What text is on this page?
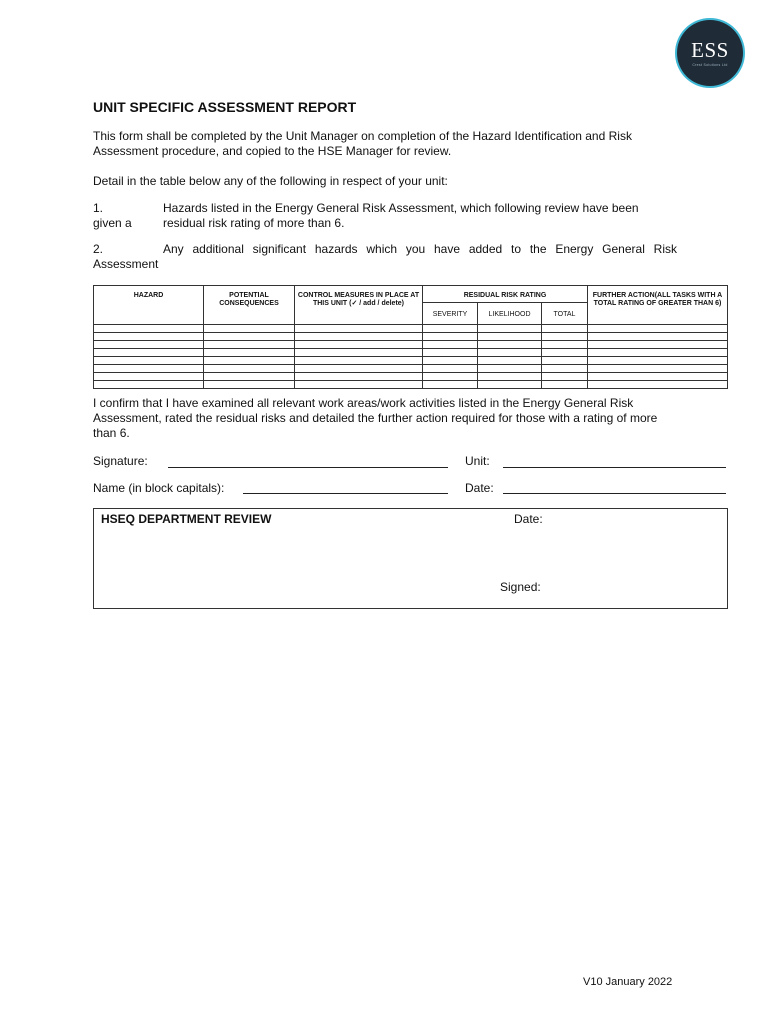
ESS
Crest Solutions Ltd
UNIT SPECIFIC ASSESSMENT REPORT
This form shall be completed by the Unit Manager on completion of the Hazard Identification and Risk Assessment procedure, and copied to the HSE Manager for review.
Detail in the table below any of the following in respect of your unit:
1.	Hazards listed in the Energy General Risk Assessment, which following review have been
given a	residual risk rating of more than 6.
2.	Any additional significant hazards which you have added to the Energy General Risk
Assessment
HAZARD	POTENTIAL CONSEQUENCES	CONTROL MEASURES IN PLACE AT THIS UNIT (✓ / add / delete)	RESIDUAL RISK RATING			FURTHER ACTION(ALL TASKS WITH A TOTAL RATING OF GREATER THAN 6)
			SEVERITY	LIKELIHOOD	TOTAL	

I confirm that I have examined all relevant work areas/work activities listed in the Energy General Risk Assessment, rated the residual risks and detailed the further action required for those with a rating of more than 6.
Signature:	Unit:
Name (in block capitals):	Date:
HSEQ DEPARTMENT REVIEW	Date:
Signed:
V10 January 2022
